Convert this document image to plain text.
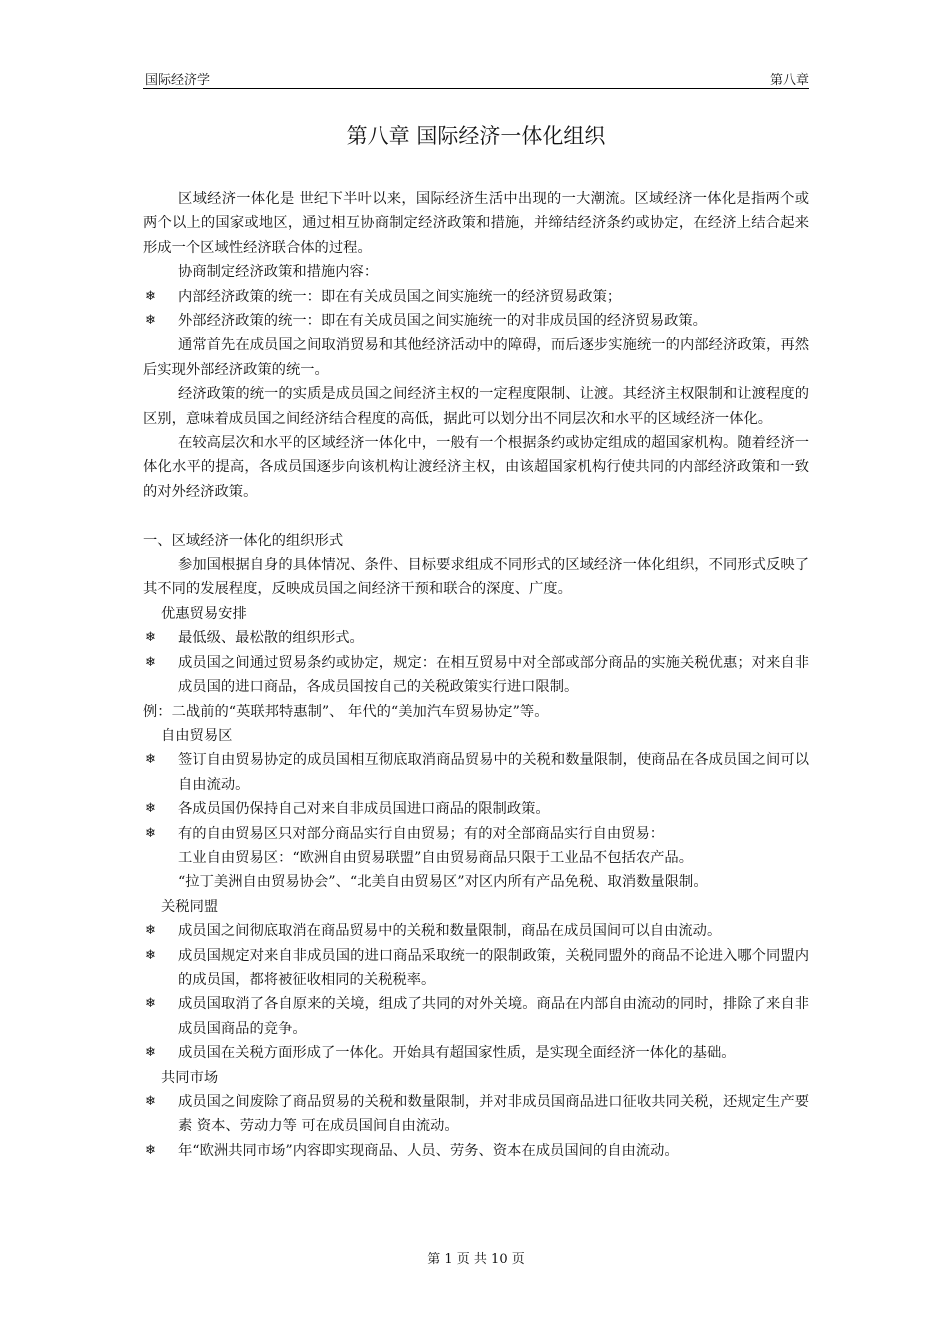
国际经济学	第八章
第八章 国际经济一体化组织

区域经济一体化是 世纪下半叶以来，国际经济生活中出现的一大潮流。区域经济一体化是指两个或两个以上的国家或地区，通过相互协商制定经济政策和措施，并缔结经济条约或协定，在经济上结合起来形成一个区域性经济联合体的过程。

协商制定经济政策和措施内容：

❄ 内部经济政策的统一：即在有关成员国之间实施统一的经济贸易政策；

❄ 外部经济政策的统一：即在有关成员国之间实施统一的对非成员国的经济贸易政策。

通常首先在成员国之间取消贸易和其他经济活动中的障碍，而后逐步实施统一的内部经济政策，再然后实现外部经济政策的统一。

经济政策的统一的实质是成员国之间经济主权的一定程度限制、让渡。其经济主权限制和让渡程度的区别，意味着成员国之间经济结合程度的高低，据此可以划分出不同层次和水平的区域经济一体化。

在较高层次和水平的区域经济一体化中，一般有一个根据条约或协定组成的超国家机构。随着经济一体化水平的提高，各成员国逐步向该机构让渡经济主权，由该超国家机构行使共同的内部经济政策和一致的对外经济政策。

一、区域经济一体化的组织形式

参加国根据自身的具体情况、条件、目标要求组成不同形式的区域经济一体化组织，不同形式反映了其不同的发展程度，反映成员国之间经济干预和联合的深度、广度。

优惠贸易安排

❄ 最低级、最松散的组织形式。

❄ 成员国之间通过贸易条约或协定，规定：在相互贸易中对全部或部分商品的实施关税优惠；对来自非成员国的进口商品，各成员国按自己的关税政策实行进口限制。

例：二战前的“英联邦特惠制”、 年代的“美加汽车贸易协定”等。

自由贸易区

❄ 签订自由贸易协定的成员国相互彻底取消商品贸易中的关税和数量限制，使商品在各成员国之间可以自由流动。

❄ 各成员国仍保持自己对来自非成员国进口商品的限制政策。

❄ 有的自由贸易区只对部分商品实行自由贸易；有的对全部商品实行自由贸易：

工业自由贸易区：“欧洲自由贸易联盟”自由贸易商品只限于工业品不包括农产品。

“拉丁美洲自由贸易协会”、“北美自由贸易区”对区内所有产品免税、取消数量限制。

关税同盟

❄ 成员国之间彻底取消在商品贸易中的关税和数量限制，商品在成员国间可以自由流动。

❄ 成员国规定对来自非成员国的进口商品采取统一的限制政策，关税同盟外的商品不论进入哪个同盟内的成员国，都将被征收相同的关税税率。

❄ 成员国取消了各自原来的关境，组成了共同的对外关境。商品在内部自由流动的同时，排除了来自非成员国商品的竞争。

❄ 成员国在关税方面形成了一体化。开始具有超国家性质，是实现全面经济一体化的基础。

共同市场

❄ 成员国之间废除了商品贸易的关税和数量限制，并对非成员国商品进口征收共同关税，还规定生产要素 资本、劳动力等 可在成员国间自由流动。

❄ 年“欧洲共同市场”内容即实现商品、人员、劳务、资本在成员国间的自由流动。

第 1 页 共 10 页
